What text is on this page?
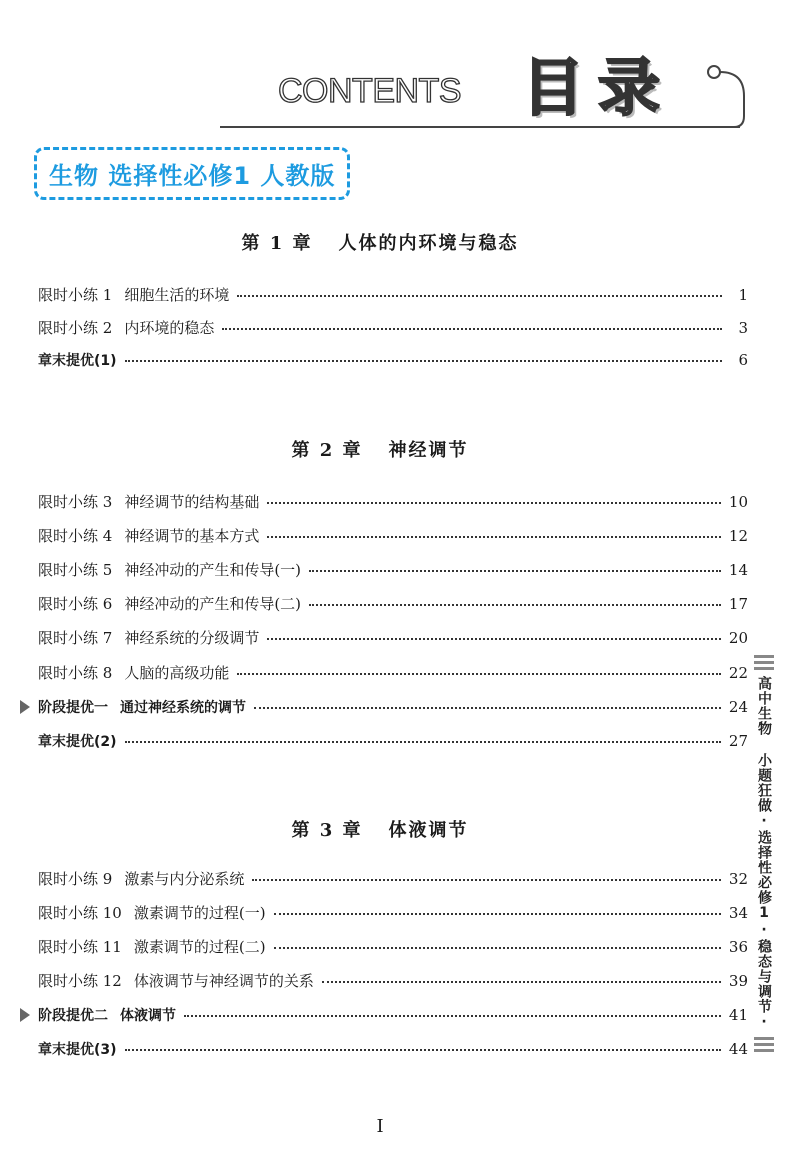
CONTENTS 目录
生物 选择性必修1 人教版
第 1 章 人体的内环境与稳态
限时小练 1 细胞生活的环境	1
限时小练 2 内环境的稳态	3
章末提优(1)	6
第 2 章 神经调节
限时小练 3 神经调节的结构基础	10
限时小练 4 神经调节的基本方式	12
限时小练 5 神经冲动的产生和传导(一)	14
限时小练 6 神经冲动的产生和传导(二)	17
限时小练 7 神经系统的分级调节	20
限时小练 8 人脑的高级功能	22
阶段提优一 通过神经系统的调节	24
章末提优(2)	27
第 3 章 体液调节
限时小练 9 激素与内分泌系统	32
限时小练 10 激素调节的过程(一)	34
限时小练 11 激素调节的过程(二)	36
限时小练 12 体液调节与神经调节的关系	39
阶段提优二 体液调节	41
章末提优(3)	44
高中生物 小题狂做·选择性必修1·稳态与调节·
I
